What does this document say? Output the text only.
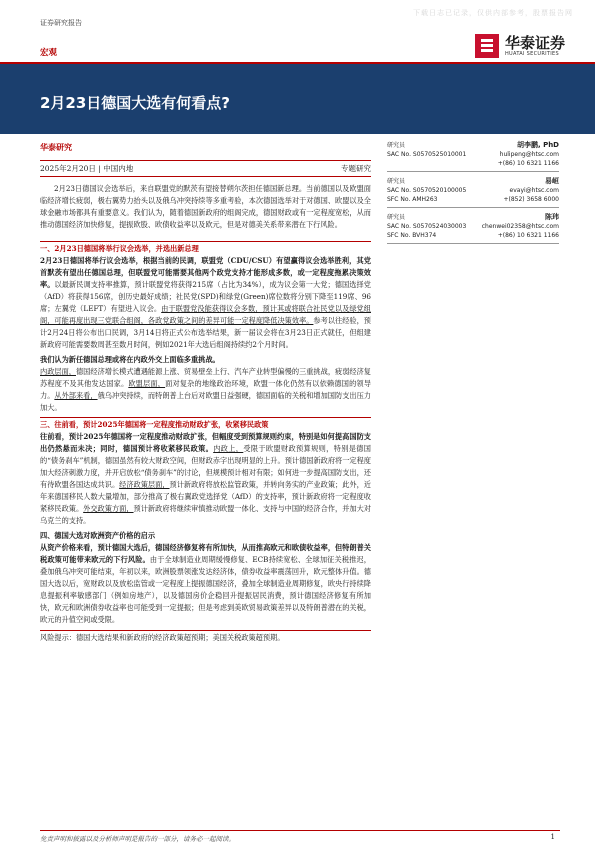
证券研究报告
下载日志已记录，仅供内部参考，股票报告网
宏观
华泰证券
HUATAI SECURITIES
2月23日德国大选有何看点?
华泰研究
2025年2月20日 | 中国内地	专题研究
研究员	胡李鹏, PhD
SAC No. S0570525010001	hulipeng@htsc.com
+(86) 10 6321 1166
研究员	易峘
SAC No. S0570520100005	evayi@htsc.com
SFC No. AMH263	+(852) 3658 6000
研究员	陈玮
SAC No. S0570524030003	chenwei02358@htsc.com
SFC No. BVH374	+(86) 10 6321 1166

2月23日德国议会选举后，来自联盟党的默茨有望接替朔尔茨担任德国新总理。当前德国以及欧盟面临经济增长疲弱，极右翼势力抬头以及俄乌冲突持续等多重考验，本次德国选举对于对德国、欧盟以及全球金融市场都具有重要意义。我们认为，随着德国新政府的组阁完成，德国财政或有一定程度宽松，从而推动德国经济加快修复，提振欧股、欧债收益率以及欧元，但是对德美关系带来潜在下行风险。

一、2月23日德国将举行议会选举，并选出新总理

2月23日德国将举行议会选举，根据当前的民调，联盟党（CDU/CSU）有望赢得议会选举胜利，其党首默茨有望出任德国总理，但联盟党可能需要其他两个政党支持才能形成多数，或一定程度拖累决策效率。以最新民调支持率推算，预计联盟党将获得215席（占比为34%），成为议会第一大党；德国选择党（AfD）将获得156席，创历史最好成绩；社民党(SPD)和绿党(Green)席位数将分别下降至119席、96席；左翼党（LEFT）有望进入议会。由于联盟党没能获得议会多数，预计其或将联合社民党以及绿党组阁，可能再度出现三党联合组阁，各政党政策之间的差异可能一定程度降低决策效率。参考以往经验，预计2月24日将公布出口民调，3月14日将正式公布选举结果，新一届议会将在3月23日正式就任，但组建新政府可能需要数周甚至数月时间，例如2021年大选后组阁持续约2个月时间。

我们认为新任德国总理或将在内政外交上面临多重挑战。

内政层面，德国经济增长模式遭遇能源上涨、贸易壁垒上行、汽车产业转型偏慢的三重挑战，疲弱经济复苏程度不及其他发达国家。欧盟层面，面对复杂的地缘政治环境，欧盟一体化仍然有以依赖德国的领导力。从外部来看，俄乌冲突持续，而特朗普上台后对欧盟日益强硬，德国面临的关税和增加国防支出压力加大。

三、往前看，预计2025年德国将一定程度推动财政扩张，收紧移民政策

往前看，预计2025年德国将一定程度推动财政扩张，但幅度受到预算规则约束，特别是如何提高国防支出仍然悬而未决；同时，德国预计将收紧移民政策。内政上，受限于欧盟财政预算规则，特别是德国的“债务刹车”机制，德国虽然有较大财政空间，但财政赤字出现明显的上升。预计德国新政府将一定程度加大经济刺激力度，并开启放松“债务刹车”的讨论，但规模预计相对有限；如何进一步提高国防支出，还有待欧盟各国达成共识。经济政策层面，预计新政府将放松监管政策，并转向务实的产业政策；此外，近年来德国移民人数大量增加，部分推高了极右翼政党选择党（AfD）的支持率，预计新政府将一定程度收紧移民政策。外交政策方面，预计新政府将继续审慎推动欧盟一体化、支持与中国的经济合作，并加大对乌克兰的支持。

四、德国大选对欧洲资产价格的启示

从资产价格来看，预计德国大选后，德国经济修复将有所加快，从而推高欧元和欧债收益率，但特朗普关税政策可能带来欧元的下行风险。由于全球制造业周期缓慢修复、ECB持续宽松、全球加征关税推迟，叠加俄乌冲突可能结束，年初以来，欧洲股票领涨发达经济体，债券收益率震荡回升，欧元整体升值。德国大选以后，宽财政以及放松监管或一定程度上提振德国经济，叠加全球制造业周期修复，欧央行持续降息提振利率敏感部门（例如房地产），以及德国房价企稳回升提振居民消费，预计德国经济修复有所加快，欧元和欧洲债券收益率也可能受到一定提振；但是考虑到美欧贸易政策差异以及特朗普潜在的关税，欧元的升值空间或受限。

风险提示：德国大选结果和新政府的经济政策超预期；美国关税政策超预期。
免责声明和披露以及分析师声明是报告的一部分，请务必一起阅读。	1
